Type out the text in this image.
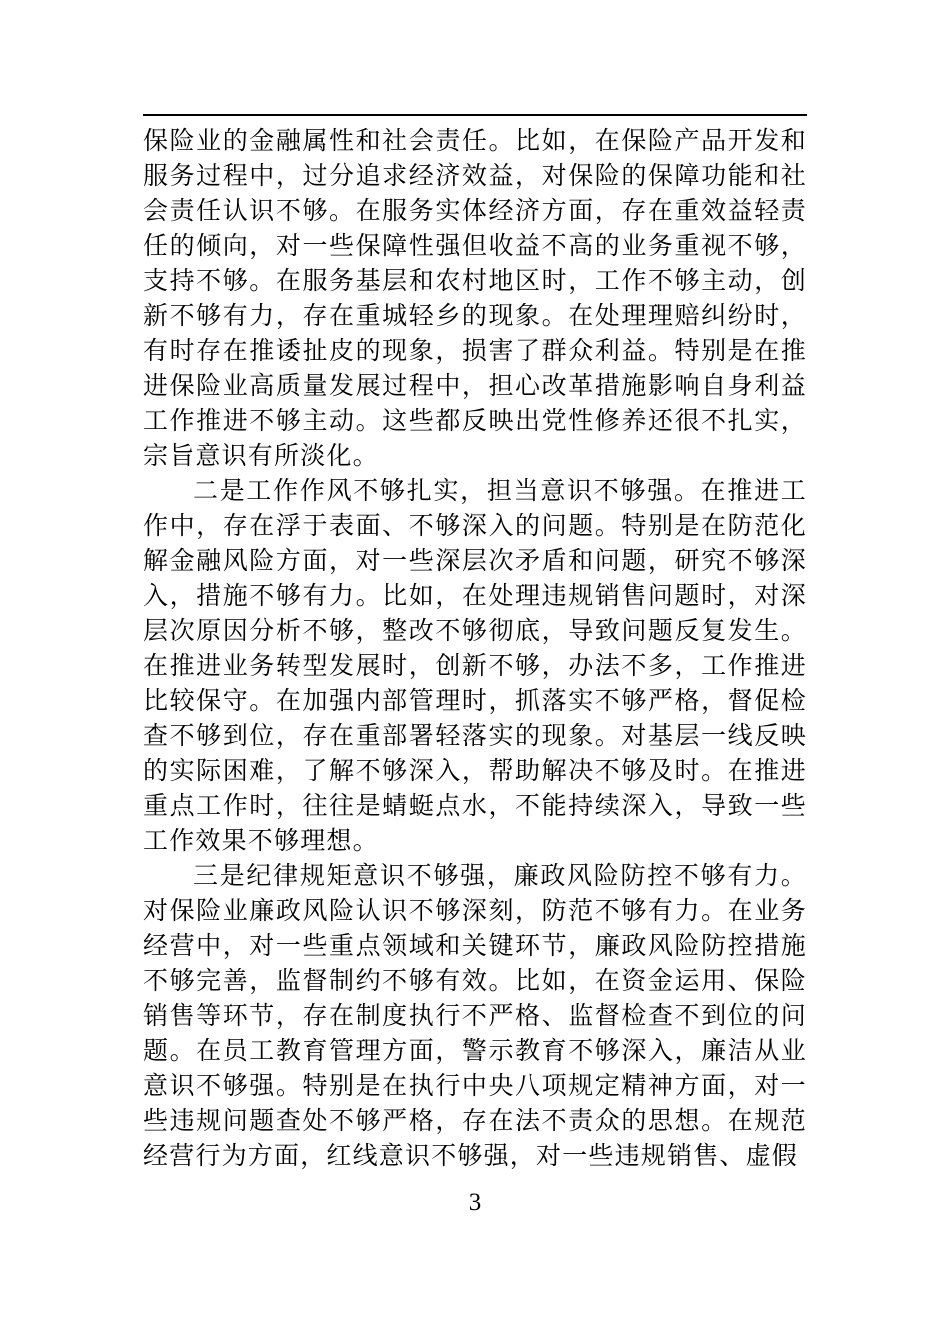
保险业的金融属性和社会责任。比如，在保险产品开发和服务过程中，过分追求经济效益，对保险的保障功能和社会责任认识不够。在服务实体经济方面，存在重效益轻责任的倾向，对一些保障性强但收益不高的业务重视不够，支持不够。在服务基层和农村地区时，工作不够主动，创新不够有力，存在重城轻乡的现象。在处理理赔纠纷时，有时存在推诿扯皮的现象，损害了群众利益。特别是在推进保险业高质量发展过程中，担心改革措施影响自身利益工作推进不够主动。这些都反映出党性修养还很不扎实，宗旨意识有所淡化。

二是工作作风不够扎实，担当意识不够强。在推进工作中，存在浮于表面、不够深入的问题。特别是在防范化解金融风险方面，对一些深层次矛盾和问题，研究不够深入，措施不够有力。比如，在处理违规销售问题时，对深层次原因分析不够，整改不够彻底，导致问题反复发生。在推进业务转型发展时，创新不够，办法不多，工作推进比较保守。在加强内部管理时，抓落实不够严格，督促检查不够到位，存在重部署轻落实的现象。对基层一线反映的实际困难，了解不够深入，帮助解决不够及时。在推进重点工作时，往往是蜻蜓点水，不能持续深入，导致一些工作效果不够理想。

三是纪律规矩意识不够强，廉政风险防控不够有力。对保险业廉政风险认识不够深刻，防范不够有力。在业务经营中，对一些重点领域和关键环节，廉政风险防控措施不够完善，监督制约不够有效。比如，在资金运用、保险销售等环节，存在制度执行不严格、监督检查不到位的问题。在员工教育管理方面，警示教育不够深入，廉洁从业意识不够强。特别是在执行中央八项规定精神方面，对一些违规问题查处不够严格，存在法不责众的思想。在规范经营行为方面，红线意识不够强，对一些违规销售、虚假

3
